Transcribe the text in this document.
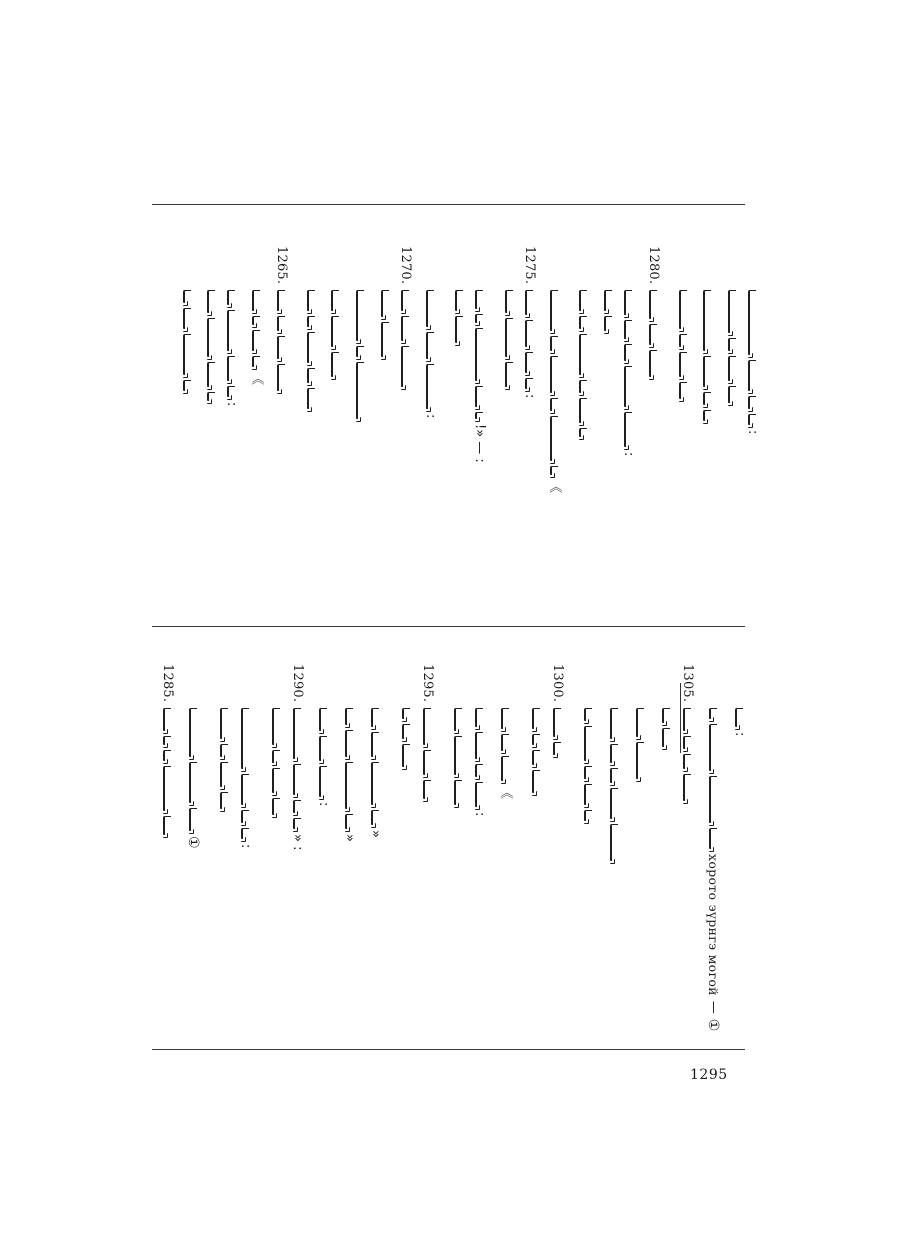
:
1280.
:
《
1275.
:
!» — :
:
1270.
1265.
《
:
:
хорото эүрнгэ могой
—
①
1305.
1300.
《
:
1295.
»
»
:
1290.
» :
:
①
1285.
1295
